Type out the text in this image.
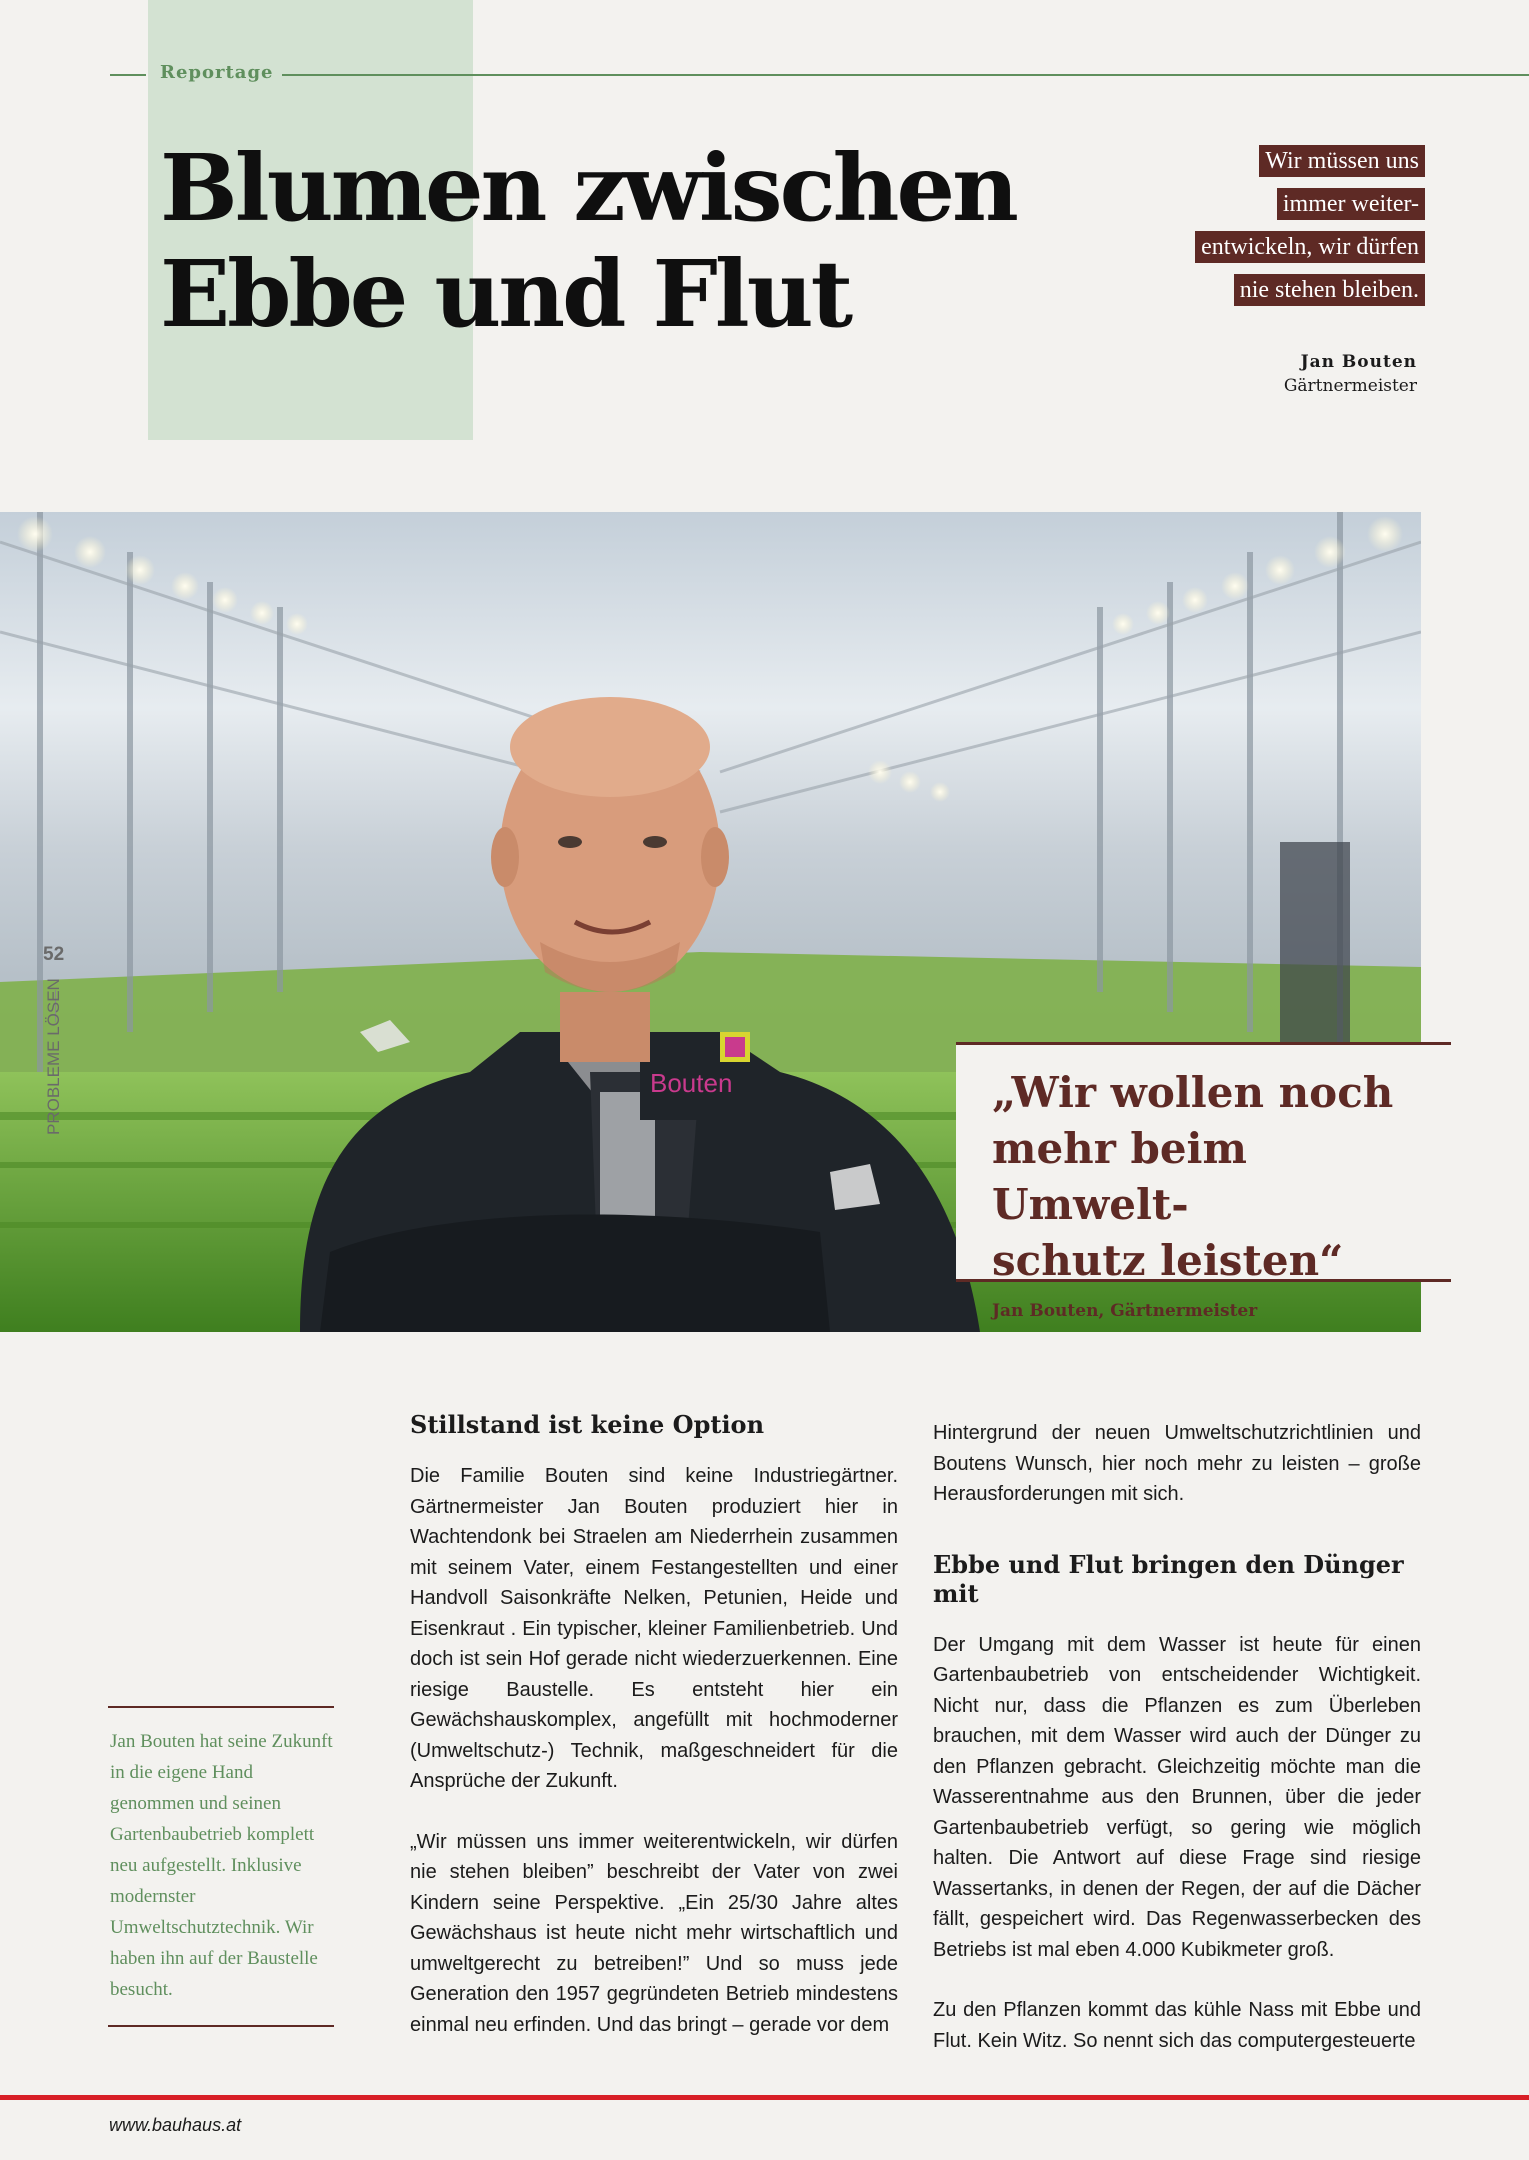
Reportage
Blumen zwischen
Ebbe und Flut
Wir müssen uns
immer weiter-
entwickeln, wir dürfen
nie stehen bleiben.
Jan Bouten
Gärtnermeister
Bouten	„Wir wollen noch
mehr beim Umwelt-
schutz leisten“
Jan Bouten, Gärtnermeister
52
PROBLEME LÖSEN

Jan Bouten hat seine Zukunft in die eigene Hand genommen und seinen Gartenbaubetrieb komplett neu aufgestellt. Inklusive modernster Umweltschutztechnik. Wir haben ihn auf der Baustelle besucht.

Stillstand ist keine Option

Die Familie Bouten sind keine Industriegärtner. Gärtnermeister Jan Bouten produziert hier in Wachtendonk bei Straelen am Niederrhein zusammen mit seinem Vater, einem Festangestellten und einer Handvoll Saisonkräfte Nelken, Petunien, Heide und Eisenkraut . Ein typischer, kleiner Familienbetrieb. Und doch ist sein Hof gerade nicht wiederzuerkennen. Eine riesige Baustelle. Es entsteht hier ein Gewächshauskomplex, angefüllt mit hochmoderner (Umweltschutz-) Technik, maßgeschneidert für die Ansprüche der Zukunft.

„Wir müssen uns immer weiterentwickeln, wir dürfen nie stehen bleiben” beschreibt der Vater von zwei Kindern seine Perspektive. „Ein 25/30 Jahre altes Gewächshaus ist heute nicht mehr wirtschaftlich und umweltgerecht zu betreiben!” Und so muss jede Generation den 1957 gegründeten Betrieb mindestens einmal neu erfinden. Und das bringt – gerade vor dem

Hintergrund der neuen Umweltschutzrichtlinien und Boutens Wunsch, hier noch mehr zu leisten – große Herausforderungen mit sich.

Ebbe und Flut bringen den Dünger mit

Der Umgang mit dem Wasser ist heute für einen Gartenbaubetrieb von entscheidender Wichtigkeit. Nicht nur, dass die Pflanzen es zum Überleben brauchen, mit dem Wasser wird auch der Dünger zu den Pflanzen gebracht. Gleichzeitig möchte man die Wasserentnahme aus den Brunnen, über die jeder Gartenbaubetrieb verfügt, so gering wie möglich halten. Die Antwort auf diese Frage sind riesige Wassertanks, in denen der Regen, der auf die Dächer fällt, gespeichert wird. Das Regenwasserbecken des Betriebs ist mal eben 4.000 Kubikmeter groß.

Zu den Pflanzen kommt das kühle Nass mit Ebbe und Flut. Kein Witz. So nennt sich das computergesteuerte

www.bauhaus.at
